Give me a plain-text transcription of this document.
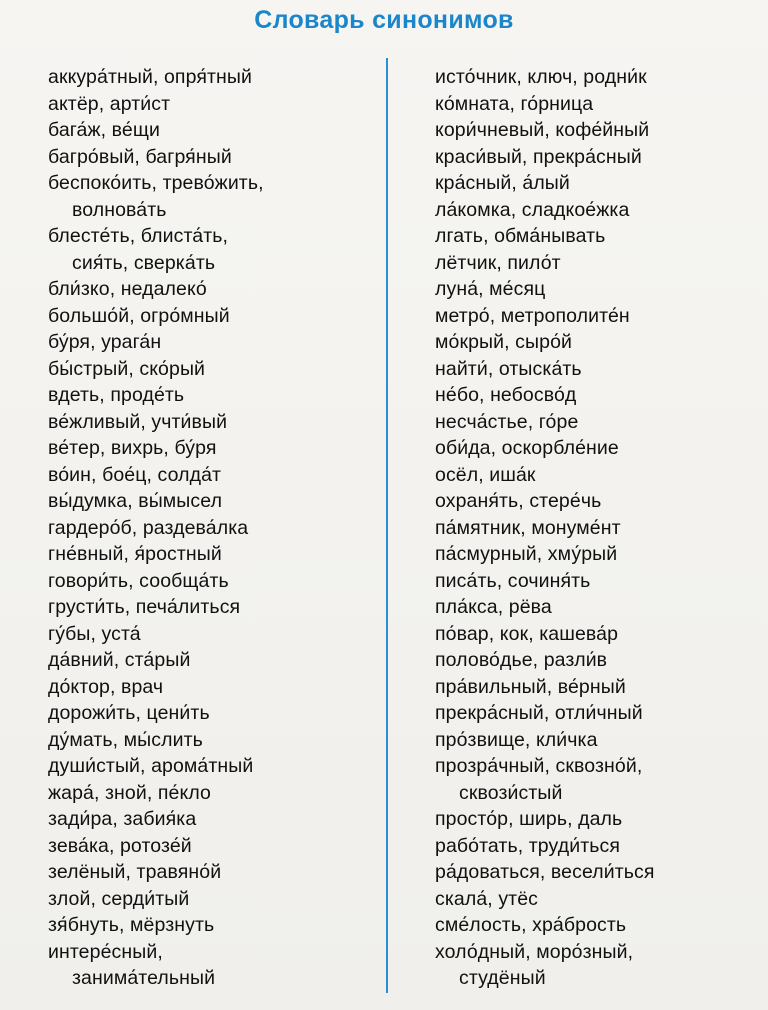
Словарь синонимов
аккура́тный, опря́тный
актёр, арти́ст
бага́ж, ве́щи
багро́вый, багря́ный
беспоко́ить, трево́жить,
волнова́ть
блесте́ть, блиста́ть,
сия́ть, сверка́ть
бли́зко, недалеко́
большо́й, огро́мный
бу́ря, урага́н
бы́стрый, ско́рый
вдеть, проде́ть
ве́жливый, учти́вый
ве́тер, вихрь, бу́ря
во́ин, бое́ц, солда́т
вы́думка, вы́мысел
гардеро́б, раздева́лка
гне́вный, я́ростный
говори́ть, сообща́ть
грусти́ть, печа́литься
гу́бы, уста́
да́вний, ста́рый
до́ктор, врач
дорожи́ть, цени́ть
ду́мать, мы́слить
души́стый, арома́тный
жара́, зной, пе́кло
зади́ра, забия́ка
зева́ка, ротозе́й
зелёный, травяно́й
злой, серди́тый
зя́бнуть, мёрзнуть
интере́сный,
занима́тельный
исто́чник, ключ, родни́к
ко́мната, го́рница
кори́чневый, кофе́йный
краси́вый, прекра́сный
кра́сный, а́лый
ла́комка, сладкое́жка
лгать, обма́нывать
лётчик, пило́т
луна́, ме́сяц
метро́, метрополите́н
мо́крый, сыро́й
найти́, отыска́ть
не́бо, небосво́д
несча́стье, го́ре
оби́да, оскорбле́ние
осёл, иша́к
охраня́ть, стере́чь
па́мятник, монуме́нт
па́смурный, хму́рый
писа́ть, сочиня́ть
пла́кса, рёва
по́вар, кок, кашева́р
полово́дье, разли́в
пра́вильный, ве́рный
прекра́сный, отли́чный
про́звище, кли́чка
прозра́чный, сквозно́й,
сквози́стый
просто́р, ширь, даль
рабо́тать, труди́ться
ра́доваться, весели́ться
скала́, утёс
сме́лость, хра́брость
холо́дный, моро́зный,
студёный
